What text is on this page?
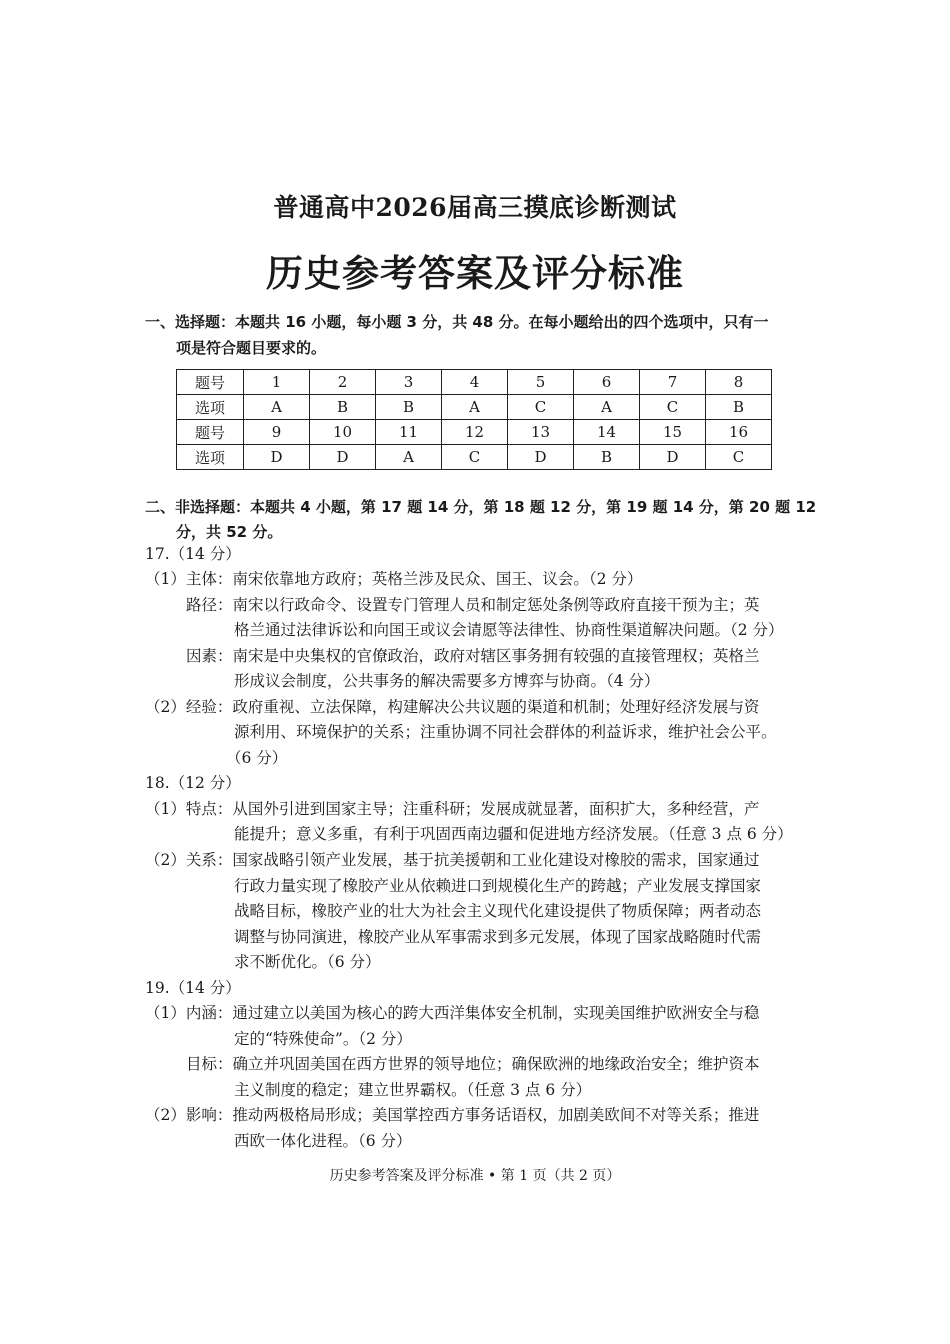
普通高中2026届高三摸底诊断测试
历史参考答案及评分标准
一、选择题：本题共 16 小题，每小题 3 分，共 48 分。在每小题给出的四个选项中，只有一
项是符合题目要求的。
题号	1	2	3	4	5	6	7	8
选项	A	B	B	A	C	A	C	B
题号	9	10	11	12	13	14	15	16
选项	D	D	A	C	D	B	D	C
二、非选择题：本题共 4 小题，第 17 题 14 分，第 18 题 12 分，第 19 题 14 分，第 20 题 12
分，共 52 分。
17.（14 分）
（1）主体：南宋依靠地方政府；英格兰涉及民众、国王、议会。（2 分）
路径：南宋以行政命令、设置专门管理人员和制定惩处条例等政府直接干预为主；英
格兰通过法律诉讼和向国王或议会请愿等法律性、协商性渠道解决问题。（2 分）
因素：南宋是中央集权的官僚政治，政府对辖区事务拥有较强的直接管理权；英格兰
形成议会制度，公共事务的解决需要多方博弈与协商。（4 分）
（2）经验：政府重视、立法保障，构建解决公共议题的渠道和机制；处理好经济发展与资
源利用、环境保护的关系；注重协调不同社会群体的利益诉求，维护社会公平。
（6 分）
18.（12 分）
（1）特点：从国外引进到国家主导；注重科研；发展成就显著，面积扩大，多种经营，产
能提升；意义多重，有利于巩固西南边疆和促进地方经济发展。（任意 3 点 6 分）
（2）关系：国家战略引领产业发展，基于抗美援朝和工业化建设对橡胶的需求，国家通过
行政力量实现了橡胶产业从依赖进口到规模化生产的跨越；产业发展支撑国家
战略目标，橡胶产业的壮大为社会主义现代化建设提供了物质保障；两者动态
调整与协同演进，橡胶产业从军事需求到多元发展，体现了国家战略随时代需
求不断优化。（6 分）
19.（14 分）
（1）内涵：通过建立以美国为核心的跨大西洋集体安全机制，实现美国维护欧洲安全与稳
定的“特殊使命”。（2 分）
目标：确立并巩固美国在西方世界的领导地位；确保欧洲的地缘政治安全；维护资本
主义制度的稳定；建立世界霸权。（任意 3 点 6 分）
（2）影响：推动两极格局形成；美国掌控西方事务话语权，加剧美欧间不对等关系；推进
西欧一体化进程。（6 分）
历史参考答案及评分标准 • 第 1 页（共 2 页）
